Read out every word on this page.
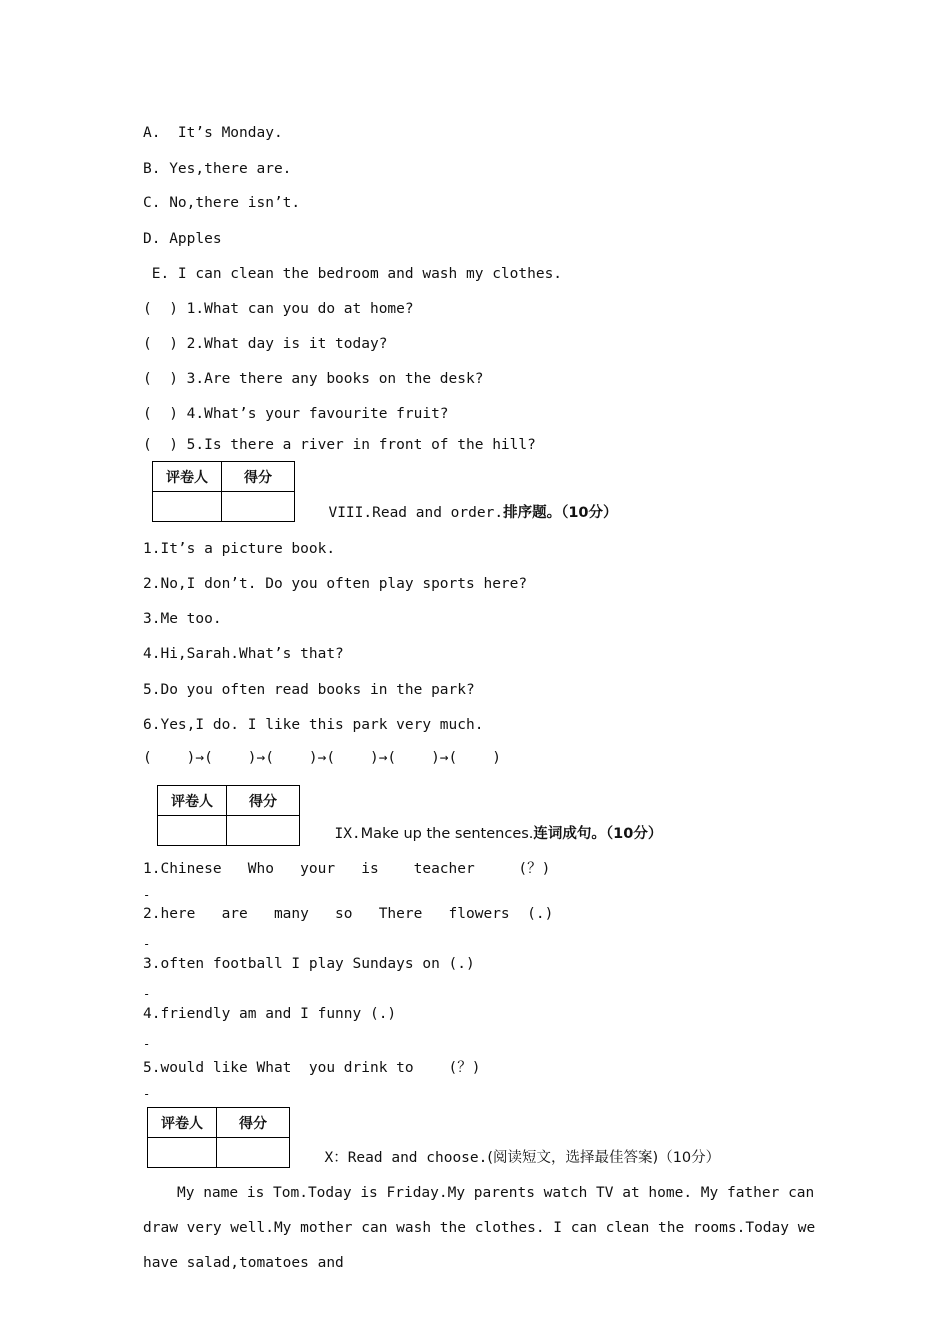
A.  It’s Monday.
B. Yes,there are.
C. No,there isn’t.
D. Apples
E. I can clean the bedroom and wash my clothes.
(  ) 1.What can you do at home?
(  ) 2.What day is it today?
(  ) 3.Are there any books on the desk?
(  ) 4.What’s your favourite fruit?
(  ) 5.Is there a river in front of the hill?
评卷人	得分

VIII.Read and order.排序题。（10分）

1.It’s a picture book.
2.No,I don’t. Do you often play sports here?
3.Me too.
4.Hi,Sarah.What’s that?
5.Do you often read books in the park?
6.Yes,I do. I like this park very much.
(    )→(    )→(    )→(    )→(    )→(    )
评卷人	得分

IX.Make up the sentences.连词成句。（10分）

1.Chinese   Who   your   is    teacher     (？)
-
2.here   are   many   so   There   flowers  (.)
-
3.often football I play Sundays on (.)
-
4.friendly am and I funny (.)
-
5.would like What  you drink to    (？)
-
评卷人	得分

X：Read and choose.(阅读短文，选择最佳答案)（10分）

My name is Tom.Today is Friday.My parents watch TV at home. My father can draw very well.My mother can wash the clothes. I can clean the rooms.Today we have salad,tomatoes and
